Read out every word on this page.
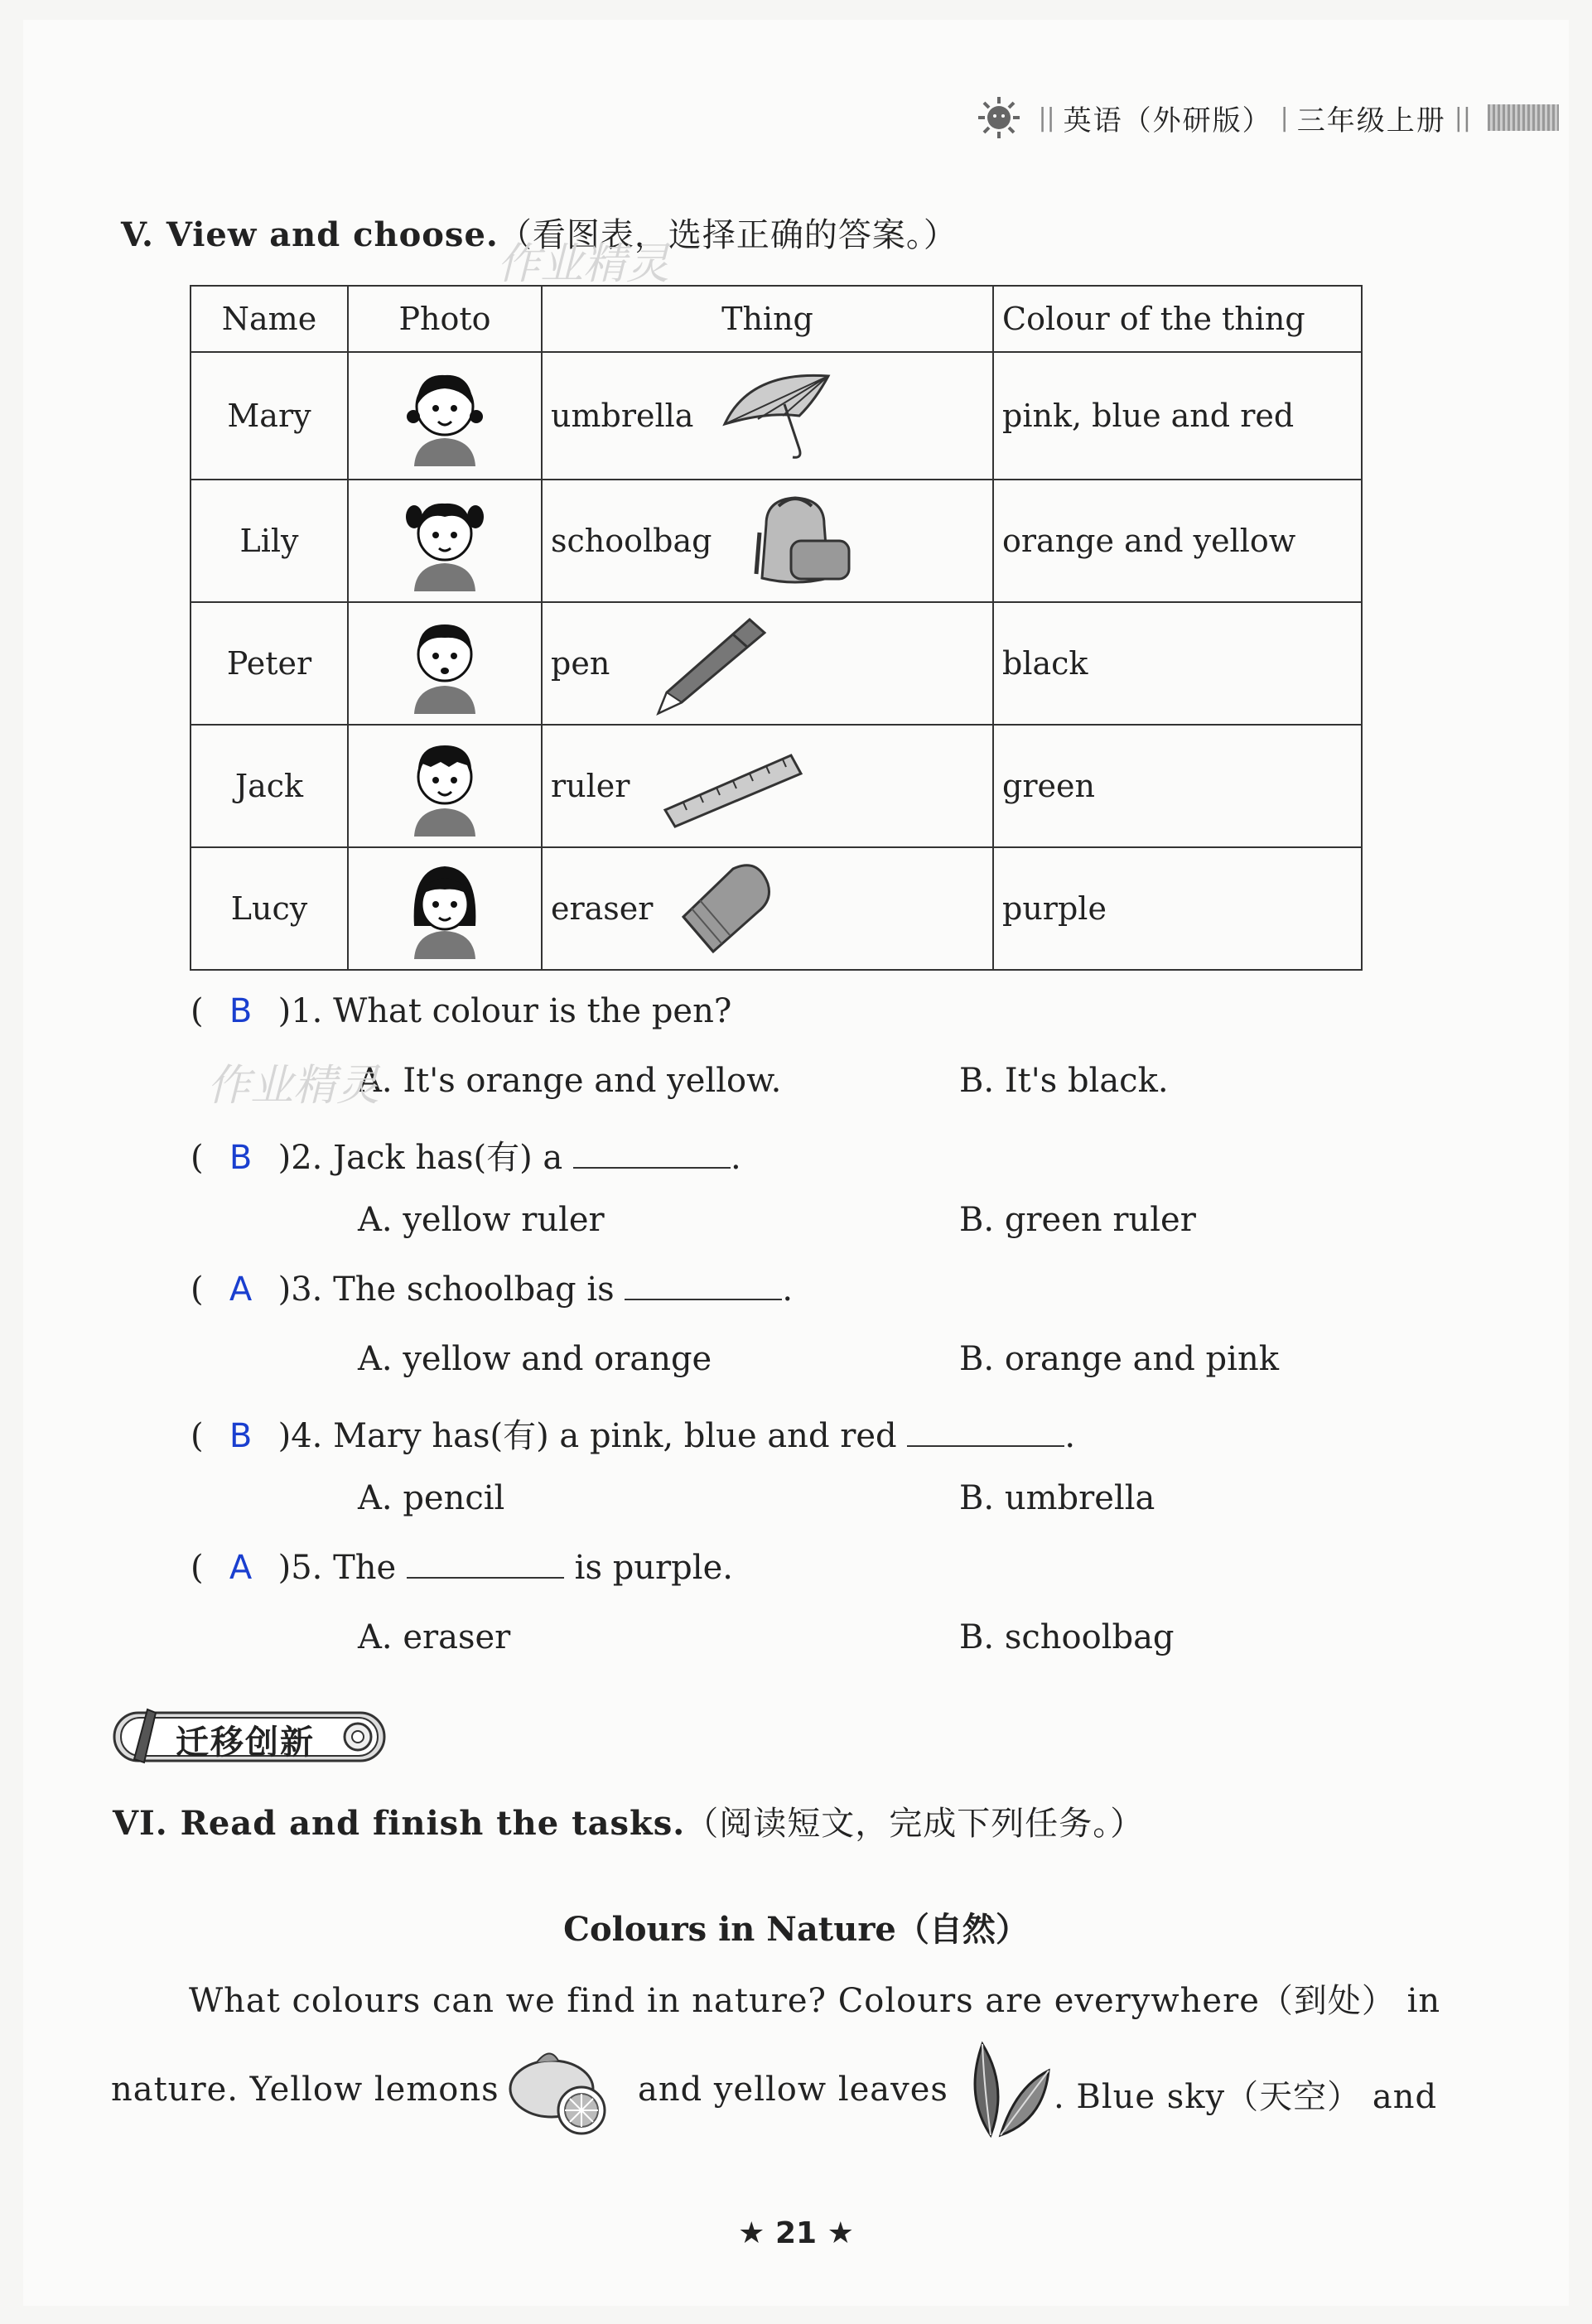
|| 英语（外研版） | 三年级上册 ||
V. View and choose.（看图表，选择正确的答案。）
作业精灵
Name	Photo	Thing	Colour of the thing
Mary		umbrella	pink, blue and red
Lily		schoolbag	orange and yellow
Peter		pen	black
Jack		ruler	green
Lucy		eraser	purple
( B )1. What colour is the pen?
A. It's orange and yellow.	B. It's black.
作业精灵
( B )2. Jack has(有) a	.
A. yellow ruler	B. green ruler
( A )3. The schoolbag is	.
A. yellow and orange	B. orange and pink
( B )4. Mary has(有) a pink, blue and red	.
A. pencil	B. umbrella
( A )5. The	is purple.
A. eraser	B. schoolbag
迁移创新
VI. Read and finish the tasks.（阅读短文，完成下列任务。）
Colours in Nature（自然）
What colours can we find in nature? Colours are everywhere（到处） in
nature. Yellow lemons	and yellow leaves	. Blue sky（天空） and
★ 21 ★
